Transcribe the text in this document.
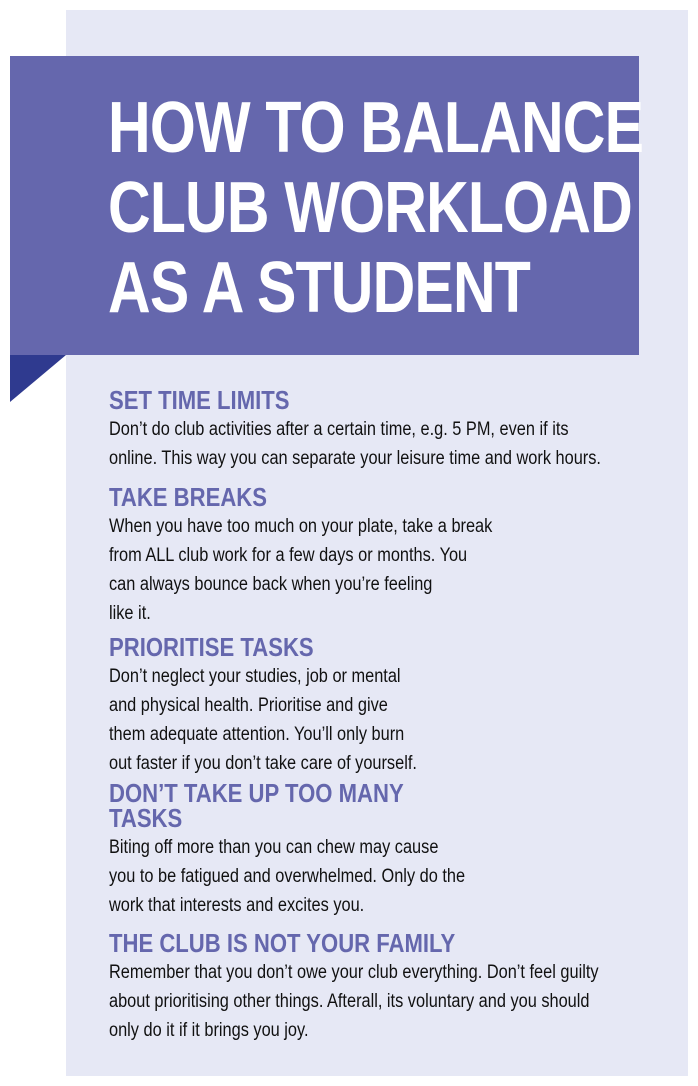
HOW TO BALANCE
CLUB WORKLOAD
AS A STUDENT
SET TIME LIMITS

Don’t do club activities after a certain time, e.g. 5 PM, even if its
online. This way you can separate your leisure time and work hours.

TAKE BREAKS

When you have too much on your plate, take a break
from ALL club work for a few days or months. You
can always bounce back when you’re feeling
like it.

PRIORITISE TASKS

Don’t neglect your studies, job or mental
and physical health. Prioritise and give
them adequate attention. You’ll only burn
out faster if you don’t take care of yourself.

DON’T TAKE UP TOO MANY
TASKS

Biting off more than you can chew may cause
you to be fatigued and overwhelmed. Only do the
work that interests and excites you.

THE CLUB IS NOT YOUR FAMILY

Remember that you don’t owe your club everything. Don’t feel guilty
about prioritising other things. Afterall, its voluntary and you should
only do it if it brings you joy.
